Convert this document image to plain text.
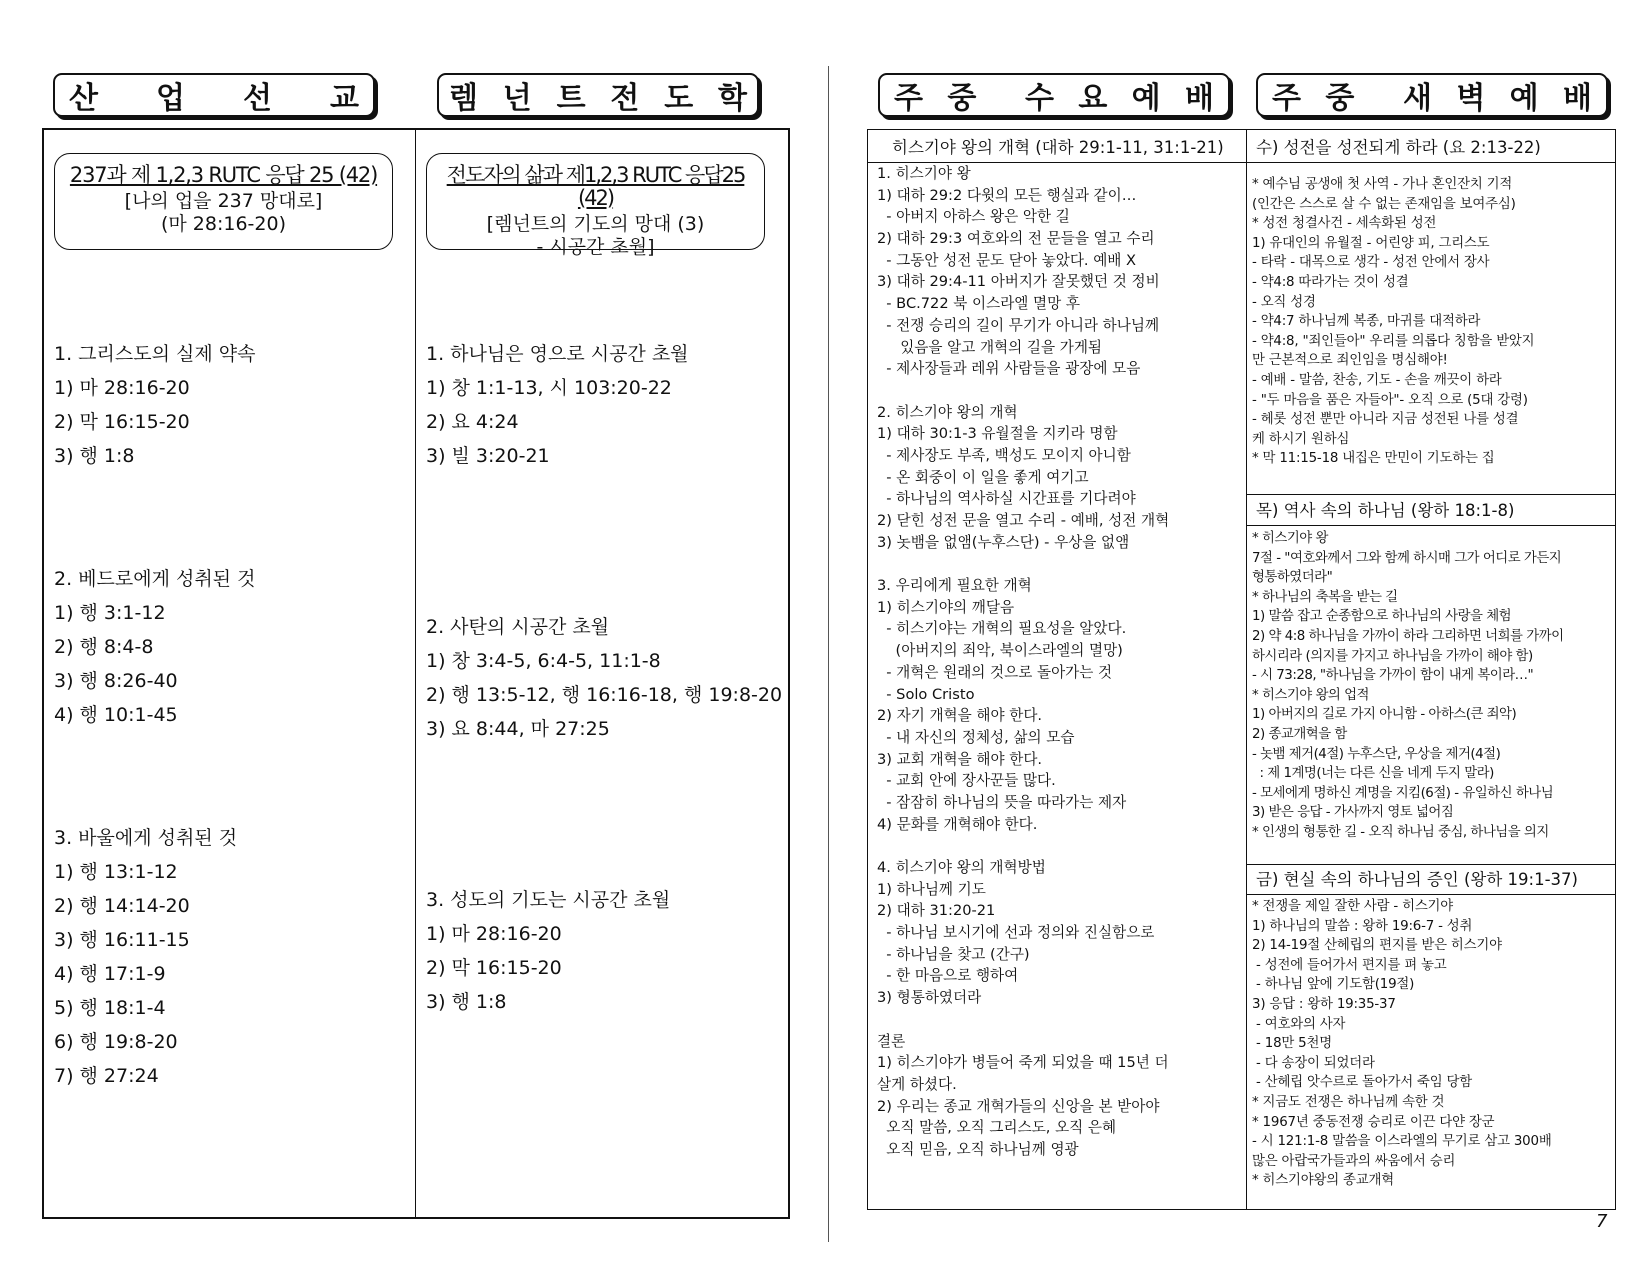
산 업 선 교	렘 넌 트 전 도 학
237과 제 1,2,3 RUTC 응답 25 (42)
[나의 업을 237 망대로]
(마 28:16-20)
전도자의 삶과 제1,2,3 RUTC 응답25 (42)
[렘넌트의 기도의 망대 (3)
- 시공간 초월]
1. 그리스도의 실제 약속
1) 마 28:16-20
2) 막 16:15-20
3) 행 1:8
2. 베드로에게 성취된 것
1) 행 3:1-12
2) 행 8:4-8
3) 행 8:26-40
4) 행 10:1-45
3. 바울에게 성취된 것
1) 행 13:1-12
2) 행 14:14-20
3) 행 16:11-15
4) 행 17:1-9
5) 행 18:1-4
6) 행 19:8-20
7) 행 27:24
1. 하나님은 영으로 시공간 초월
1) 창 1:1-13, 시 103:20-22
2) 요 4:24
3) 빌 3:20-21
2. 사탄의 시공간 초월
1) 창 3:4-5, 6:4-5, 11:1-8
2) 행 13:5-12, 행 16:16-18, 행 19:8-20
3) 요 8:44, 마 27:25
3. 성도의 기도는 시공간 초월
1) 마 28:16-20
2) 막 16:15-20
3) 행 1:8
주 중 수 요 예 배 주 중 새 벽 예 배
히스기야 왕의 개혁 (대하 29:1-11, 31:1-21)
1. 히스기야 왕
1) 대하 29:2 다윗의 모든 행실과 같이…
- 아버지 아하스 왕은 악한 길
2) 대하 29:3 여호와의 전 문들을 열고 수리
- 그동안 성전 문도 닫아 놓았다. 예배 X
3) 대하 29:4-11 아버지가 잘못했던 것 정비
- BC.722 북 이스라엘 멸망 후
- 전쟁 승리의 길이 무기가 아니라 하나님께
있음을 알고 개혁의 길을 가게됨
- 제사장들과 레위 사람들을 광장에 모음
2. 히스기야 왕의 개혁
1) 대하 30:1-3 유월절을 지키라 명함
- 제사장도 부족, 백성도 모이지 아니함
- 온 회중이 이 일을 좋게 여기고
- 하나님의 역사하실 시간표를 기다려야
2) 닫힌 성전 문을 열고 수리 - 예배, 성전 개혁
3) 놋뱀을 없앰(누후스단) - 우상을 없앰
3. 우리에게 필요한 개혁
1) 히스기야의 깨달음
- 히스기야는 개혁의 필요성을 알았다.
(아버지의 죄악, 북이스라엘의 멸망)
- 개혁은 원래의 것으로 돌아가는 것
- Solo Cristo
2) 자기 개혁을 해야 한다.
- 내 자신의 정체성, 삶의 모습
3) 교회 개혁을 해야 한다.
- 교회 안에 장사꾼들 많다.
- 잠잠히 하나님의 뜻을 따라가는 제자
4) 문화를 개혁해야 한다.
4. 히스기야 왕의 개혁방법
1) 하나님께 기도
2) 대하 31:20-21
- 하나님 보시기에 선과 정의와 진실함으로
- 하나님을 찾고 (간구)
- 한 마음으로 행하여
3) 형통하였더라
결론
1) 히스기야가 병들어 죽게 되었을 때 15년 더
살게 하셨다.
2) 우리는 종교 개혁가들의 신앙을 본 받아야
오직 말씀, 오직 그리스도, 오직 은혜
오직 믿음, 오직 하나님께 영광
수) 성전을 성전되게 하라 (요 2:13-22)
* 예수님 공생애 첫 사역 - 가나 혼인잔치 기적
(인간은 스스로 살 수 없는 존재임을 보여주심)
* 성전 청결사건 - 세속화된 성전
1) 유대인의 유월절 - 어린양 피, 그리스도
- 타락 - 대목으로 생각 - 성전 안에서 장사
- 약4:8 따라가는 것이 성결
- 오직 성경
- 약4:7 하나님께 복종, 마귀를 대적하라
- 약4:8, "죄인들아" 우리를 의롭다 칭함을 받았지
만 근본적으로 죄인임을 명심해야!
- 예배 - 말씀, 찬송, 기도 - 손을 깨끗이 하라
- "두 마음을 품은 자들아"- 오직 으로 (5대 강령)
- 헤롯 성전 뿐만 아니라 지금 성전된 나를 성결
케 하시기 원하심
* 막 11:15-18 내집은 만민이 기도하는 집
목) 역사 속의 하나님 (왕하 18:1-8)
* 히스기야 왕
7절 - "여호와께서 그와 함께 하시매 그가 어디로 가든지
형통하였더라"
* 하나님의 축복을 받는 길
1) 말씀 잡고 순종함으로 하나님의 사랑을 체험
2) 약 4:8 하나님을 가까이 하라 그리하면 너희를 가까이
하시리라 (의지를 가지고 하나님을 가까이 해야 함)
- 시 73:28, "하나님을 가까이 함이 내게 복이라…"
* 히스기야 왕의 업적
1) 아버지의 길로 가지 아니함 - 아하스(큰 죄악)
2) 종교개혁을 함
- 놋뱀 제거(4절) 누후스단, 우상을 제거(4절)
: 제 1계명(너는 다른 신을 네게 두지 말라)
- 모세에게 명하신 계명을 지킴(6절) - 유일하신 하나님
3) 받은 응답 - 가사까지 영토 넓어짐
* 인생의 형통한 길 - 오직 하나님 중심, 하나님을 의지
금) 현실 속의 하나님의 증인 (왕하 19:1-37)
* 전쟁을 제일 잘한 사람 - 히스기야
1) 하나님의 말씀 : 왕하 19:6-7 - 성취
2) 14-19절 산헤립의 편지를 받은 히스기야
- 성전에 들어가서 편지를 펴 놓고
- 하나님 앞에 기도함(19절)
3) 응답 : 왕하 19:35-37
- 여호와의 사자
- 18만 5천명
- 다 송장이 되었더라
- 산헤립 앗수르로 돌아가서 죽임 당함
* 지금도 전쟁은 하나님께 속한 것
* 1967년 중동전쟁 승리로 이끈 다얀 장군
- 시 121:1-8 말씀을 이스라엘의 무기로 삼고 300배
많은 아랍국가들과의 싸움에서 승리
* 히스기야왕의 종교개혁
7
